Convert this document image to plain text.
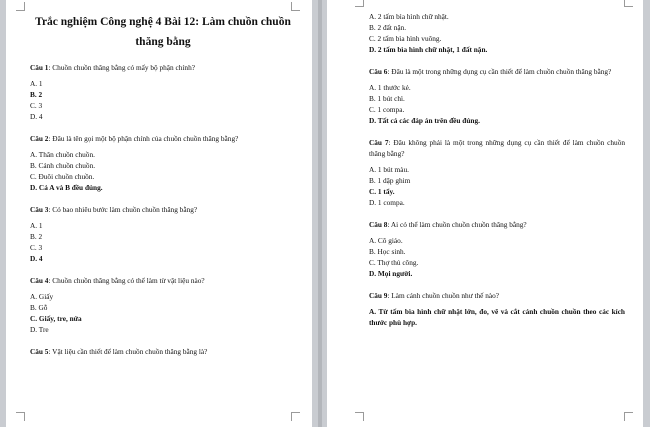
Trắc nghiệm Công nghệ 4 Bài 12: Làm chuồn chuồn thăng bằng

Câu 1: Chuồn chuồn thăng bằng có mấy bộ phận chính?

A. 1

B. 2

C. 3

D. 4

Câu 2: Đâu là tên gọi một bộ phận chính của chuồn chuồn thăng bằng?

A. Thân chuồn chuồn.

B. Cánh chuồn chuồn.

C. Đuôi chuồn chuồn.

D. Cả A và B đều đúng.

Câu 3: Có bao nhiêu bước làm chuồn chuồn thăng bằng?

A. 1

B. 2

C. 3

D. 4

Câu 4: Chuồn chuồn thăng bằng có thể làm từ vật liệu nào?

A. Giấy

B. Gỗ

C. Giấy, tre, nứa

D. Tre

Câu 5: Vật liệu cần thiết để làm chuồn chuồn thăng bằng là?

A. 2 tấm bìa hình chữ nhật.

B. 2 đất nặn.

C. 2 tấm bìa hình vuông.

D. 2 tấm bìa hình chữ nhật, 1 đất nặn.

Câu 6: Đâu là một trong những dụng cụ cần thiết để làm chuồn chuồn thăng bằng?

A. 1 thước kẻ.

B. 1 bút chì.

C. 1 compa.

D. Tất cả các đáp án trên đều đúng.

Câu 7: Đâu không phải là một trong những dụng cụ cần thiết để làm chuồn chuồn thăng bằng?

A. 1 bút màu.

B. 1 dập ghim

C. 1 tẩy.

D. 1 compa.

Câu 8: Ai có thể làm chuồn chuồn chuồn thăng bằng?

A. Cô giáo.

B. Học sinh.

C. Thợ thủ công.

D. Mọi người.

Câu 9: Làm cánh chuồn chuồn như thế nào?

A. Từ tấm bìa hình chữ nhật lớn, đo, vẽ và cắt cánh chuồn chuồn theo các kích thước phù hợp.
